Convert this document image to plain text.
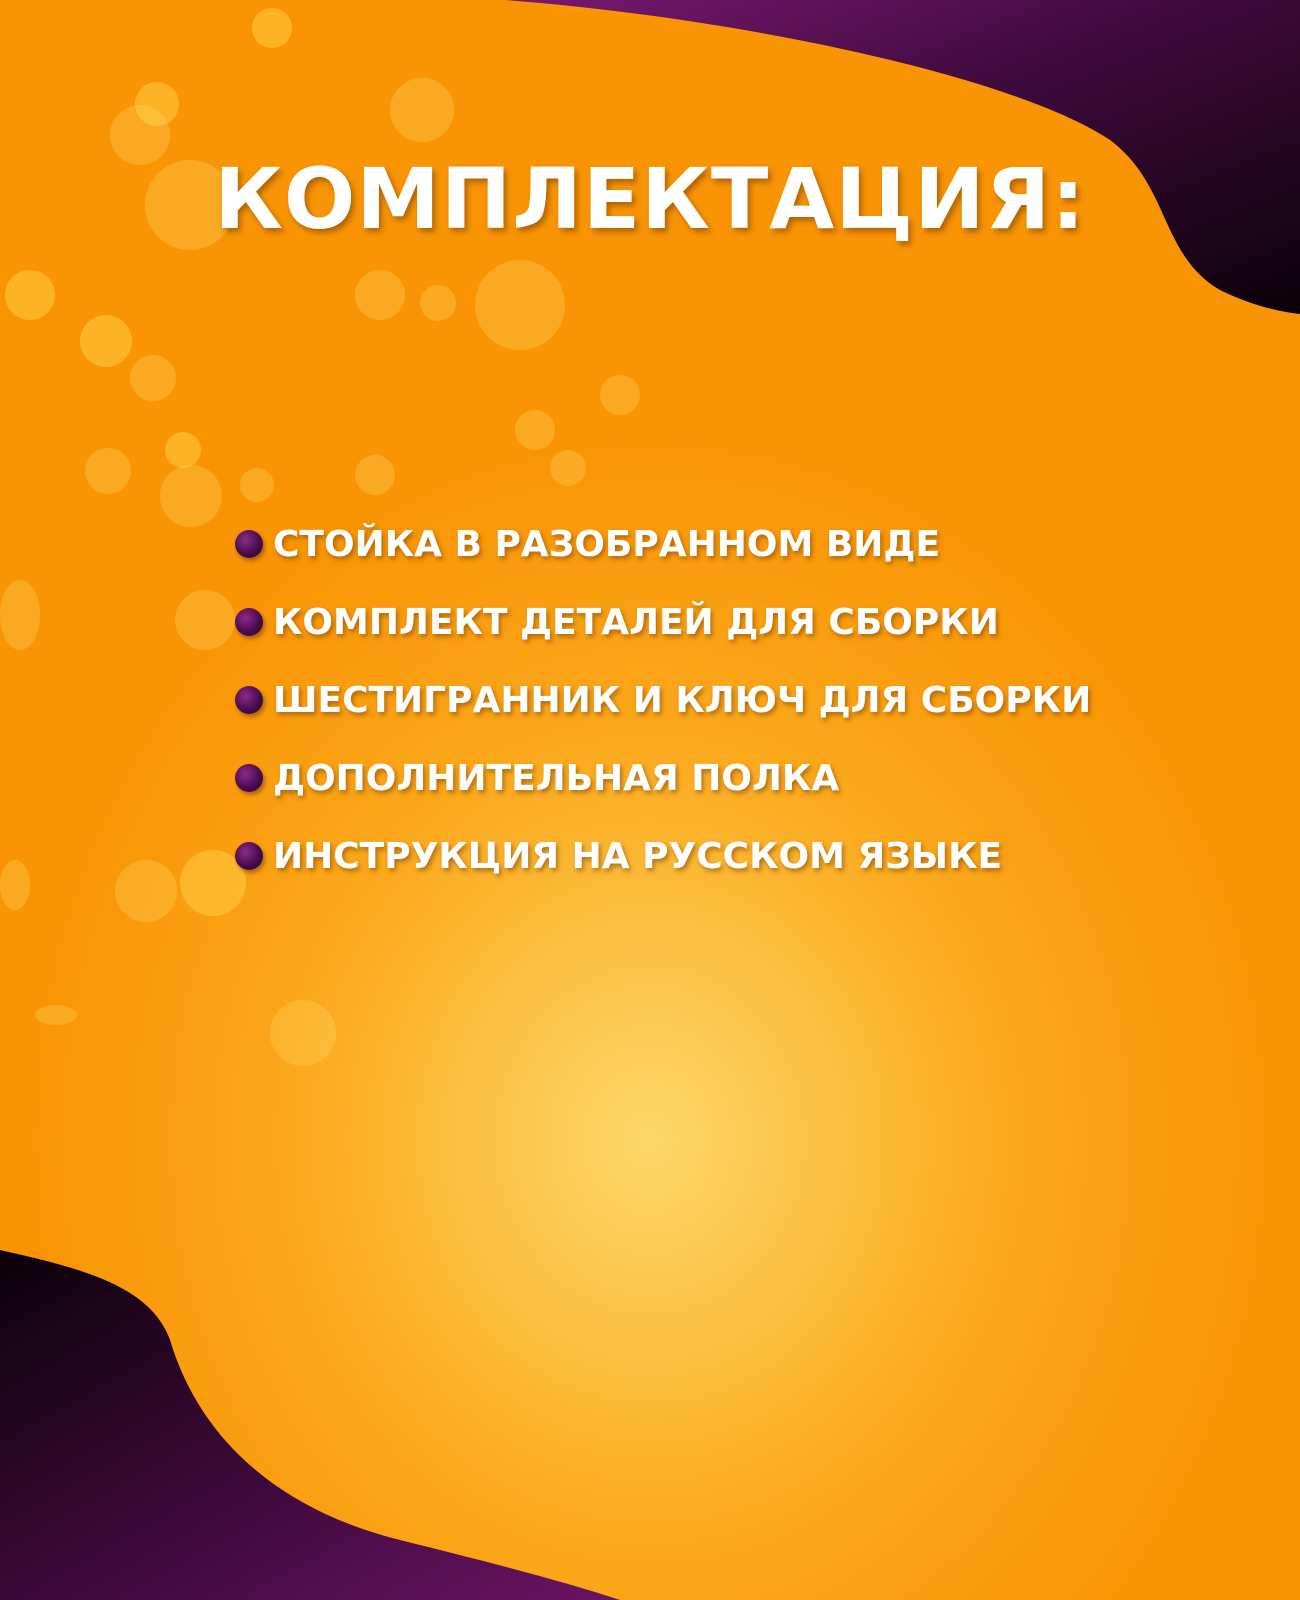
КОМПЛЕКТАЦИЯ:
СТОЙКА В РАЗОБРАННОМ ВИДЕ
КОМПЛЕКТ ДЕТАЛЕЙ ДЛЯ СБОРКИ
ШЕСТИГРАННИК И КЛЮЧ ДЛЯ СБОРКИ
ДОПОЛНИТЕЛЬНАЯ ПОЛКА
ИНСТРУКЦИЯ НА РУССКОМ ЯЗЫКЕ
